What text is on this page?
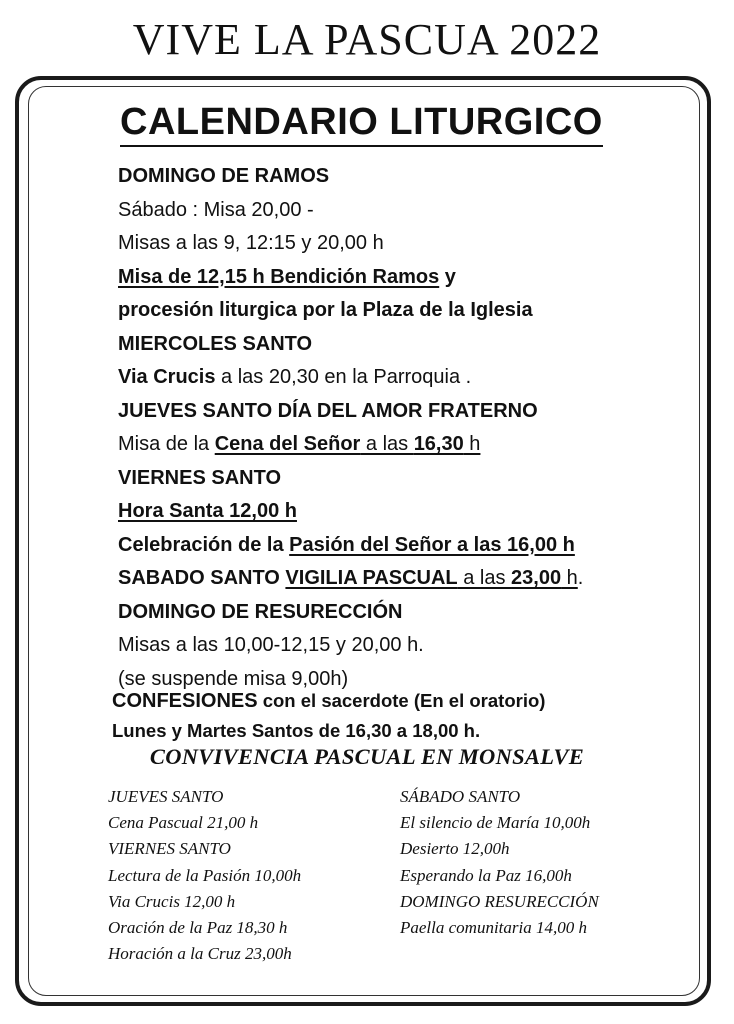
VIVE LA PASCUA 2022
CALENDARIO LITURGICO
DOMINGO DE RAMOS
Sábado : Misa 20,00 -
Misas a las 9, 12:15 y 20,00 h
Misa de 12,15 h Bendición Ramos y
procesión liturgica por la Plaza de la Iglesia
MIERCOLES SANTO
Via Crucis a las 20,30 en la Parroquia .
JUEVES SANTO DÍA DEL AMOR FRATERNO
Misa de la Cena del Señor a las 16,30 h
VIERNES SANTO
Hora Santa 12,00 h
Celebración de la Pasión del Señor a las 16,00 h
SABADO SANTO VIGILIA PASCUAL a las 23,00 h.
DOMINGO DE RESURECCIÓN
Misas a las 10,00-12,15 y 20,00 h.
(se suspende misa 9,00h)
CONFESIONES con el sacerdote (En el oratorio)
Lunes y Martes Santos de 16,30 a 18,00 h.
CONVIVENCIA PASCUAL EN MONSALVE
JUEVES SANTO
Cena Pascual 21,00 h
VIERNES SANTO
Lectura de la Pasión 10,00h
Via Crucis 12,00 h
Oración de la Paz 18,30 h
Horación a la Cruz 23,00h
SÁBADO SANTO
El silencio de María 10,00h
Desierto 12,00h
Esperando la Paz 16,00h
DOMINGO RESURECCIÓN
Paella comunitaria 14,00 h
